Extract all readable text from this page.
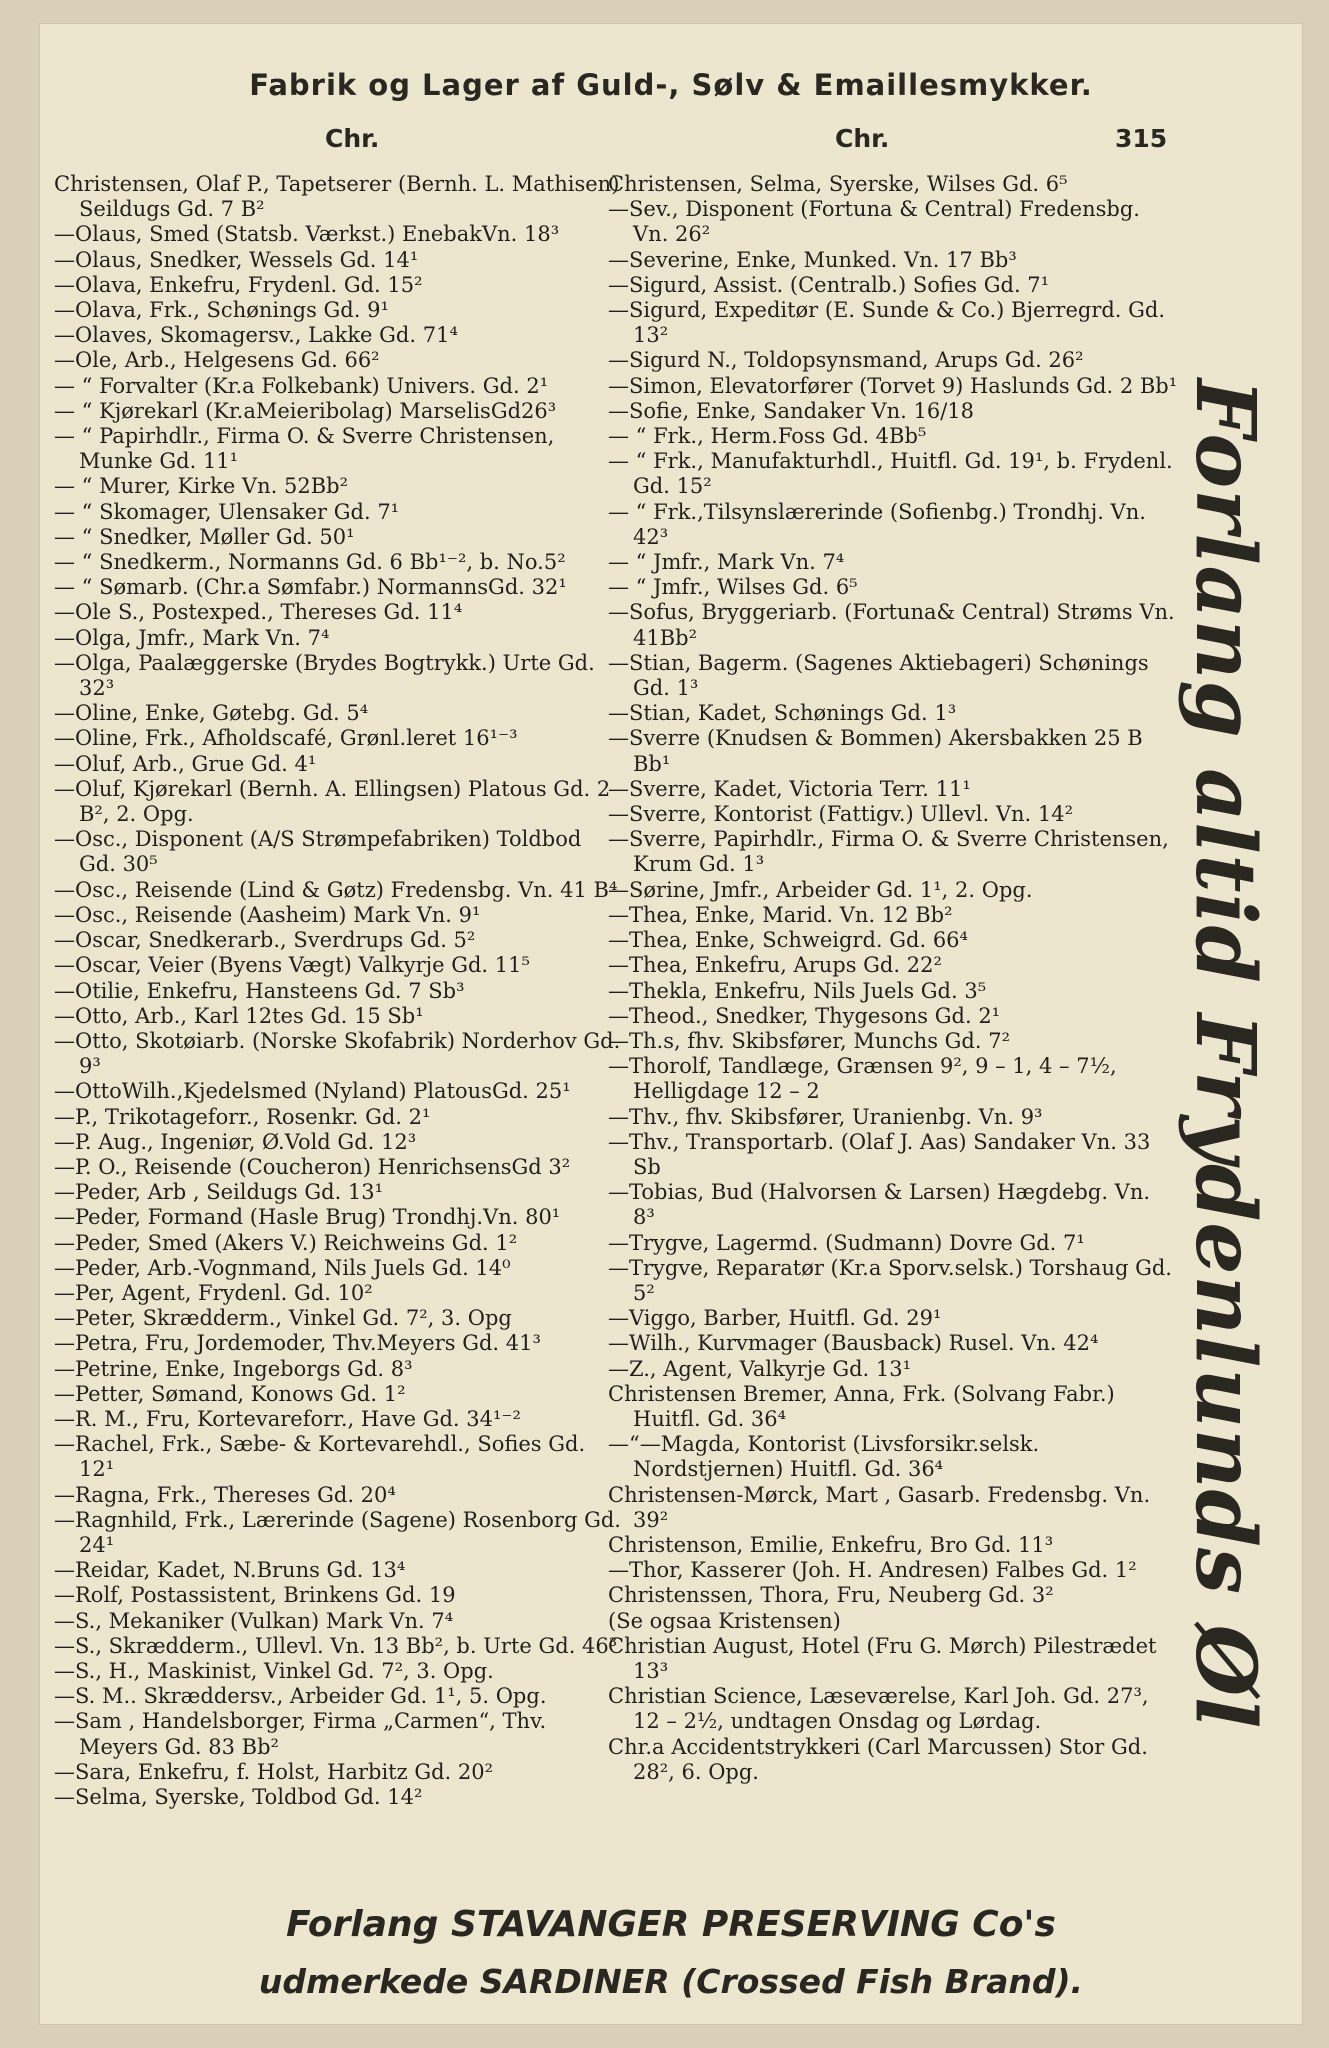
Fabrik og Lager af Guld-, Sølv & Emaillesmykker.
Chr.	Chr.	315
Christensen, Olaf P., Tapetserer (Bernh. L. Mathisen) Seildugs Gd. 7 B²
—Olaus, Smed (Statsb. Værkst.) EnebakVn. 18³
—Olaus, Snedker, Wessels Gd. 14¹
—Olava, Enkefru, Frydenl. Gd. 15²
—Olava, Frk., Schønings Gd. 9¹
—Olaves, Skomagersv., Lakke Gd. 71⁴
—Ole, Arb., Helgesens Gd. 66²
— “ Forvalter (Kr.a Folkebank) Univers. Gd. 2¹
— “ Kjørekarl (Kr.aMeieribolag) MarselisGd26³
— “ Papirhdlr., Firma O. & Sverre Christensen, Munke Gd. 11¹
— “ Murer, Kirke Vn. 52Bb²
— “ Skomager, Ulensaker Gd. 7¹
— “ Snedker, Møller Gd. 50¹
— “ Snedkerm., Normanns Gd. 6 Bb¹⁻², b. No.5²
— “ Sømarb. (Chr.a Sømfabr.) NormannsGd. 32¹
—Ole S., Postexped., Thereses Gd. 11⁴
—Olga, Jmfr., Mark Vn. 7⁴
—Olga, Paalæggerske (Brydes Bogtrykk.) Urte Gd. 32³
—Oline, Enke, Gøtebg. Gd. 5⁴
—Oline, Frk., Afholdscafé, Grønl.leret 16¹⁻³
—Oluf, Arb., Grue Gd. 4¹
—Oluf, Kjørekarl (Bernh. A. Ellingsen) Platous Gd. 2 B², 2. Opg.
—Osc., Disponent (A/S Strømpefabriken) Toldbod Gd. 30⁵
—Osc., Reisende (Lind & Gøtz) Fredensbg. Vn. 41 B⁴
—Osc., Reisende (Aasheim) Mark Vn. 9¹
—Oscar, Snedkerarb., Sverdrups Gd. 5²
—Oscar, Veier (Byens Vægt) Valkyrje Gd. 11⁵
—Otilie, Enkefru, Hansteens Gd. 7 Sb³
—Otto, Arb., Karl 12tes Gd. 15 Sb¹
—Otto, Skotøiarb. (Norske Skofabrik) Norderhov Gd. 9³
—OttoWilh.,Kjedelsmed (Nyland) PlatousGd. 25¹
—P., Trikotageforr., Rosenkr. Gd. 2¹
—P. Aug., Ingeniør, Ø.Vold Gd. 12³
—P. O., Reisende (Coucheron) HenrichsensGd 3²
—Peder, Arb , Seildugs Gd. 13¹
—Peder, Formand (Hasle Brug) Trondhj.Vn. 80¹
—Peder, Smed (Akers V.) Reichweins Gd. 1²
—Peder, Arb.-Vognmand, Nils Juels Gd. 14⁰
—Per, Agent, Frydenl. Gd. 10²
—Peter, Skrædderm., Vinkel Gd. 7², 3. Opg
—Petra, Fru, Jordemoder, Thv.Meyers Gd. 41³
—Petrine, Enke, Ingeborgs Gd. 8³
—Petter, Sømand, Konows Gd. 1²
—R. M., Fru, Kortevareforr., Have Gd. 34¹⁻²
—Rachel, Frk., Sæbe- & Kortevarehdl., Sofies Gd. 12¹
—Ragna, Frk., Thereses Gd. 20⁴
—Ragnhild, Frk., Lærerinde (Sagene) Rosenborg Gd. 24¹
—Reidar, Kadet, N.Bruns Gd. 13⁴
—Rolf, Postassistent, Brinkens Gd. 19
—S., Mekaniker (Vulkan) Mark Vn. 7⁴
—S., Skrædderm., Ullevl. Vn. 13 Bb², b. Urte Gd. 46³
—S., H., Maskinist, Vinkel Gd. 7², 3. Opg.
—S. M.. Skræddersv., Arbeider Gd. 1¹, 5. Opg.
—Sam , Handelsborger, Firma „Carmen“, Thv. Meyers Gd. 83 Bb²
—Sara, Enkefru, f. Holst, Harbitz Gd. 20²
—Selma, Syerske, Toldbod Gd. 14²
Christensen, Selma, Syerske, Wilses Gd. 6⁵
—Sev., Disponent (Fortuna & Central) Fredensbg. Vn. 26²
—Severine, Enke, Munked. Vn. 17 Bb³
—Sigurd, Assist. (Centralb.) Sofies Gd. 7¹
—Sigurd, Expeditør (E. Sunde & Co.) Bjerregrd. Gd. 13²
—Sigurd N., Toldopsynsmand, Arups Gd. 26²
—Simon, Elevatorfører (Torvet 9) Haslunds Gd. 2 Bb¹
—Sofie, Enke, Sandaker Vn. 16/18
— “ Frk., Herm.Foss Gd. 4Bb⁵
— “ Frk., Manufakturhdl., Huitfl. Gd. 19¹, b. Frydenl. Gd. 15²
— “ Frk.,Tilsynslærerinde (Sofienbg.) Trondhj. Vn. 42³
— “ Jmfr., Mark Vn. 7⁴
— “ Jmfr., Wilses Gd. 6⁵
—Sofus, Bryggeriarb. (Fortuna& Central) Strøms Vn. 41Bb²
—Stian, Bagerm. (Sagenes Aktiebageri) Schønings Gd. 1³
—Stian, Kadet, Schønings Gd. 1³
—Sverre (Knudsen & Bommen) Akersbakken 25 B Bb¹
—Sverre, Kadet, Victoria Terr. 11¹
—Sverre, Kontorist (Fattigv.) Ullevl. Vn. 14²
—Sverre, Papirhdlr., Firma O. & Sverre Christensen, Krum Gd. 1³
—Sørine, Jmfr., Arbeider Gd. 1¹, 2. Opg.
—Thea, Enke, Marid. Vn. 12 Bb²
—Thea, Enke, Schweigrd. Gd. 66⁴
—Thea, Enkefru, Arups Gd. 22²
—Thekla, Enkefru, Nils Juels Gd. 3⁵
—Theod., Snedker, Thygesons Gd. 2¹
—Th.s, fhv. Skibsfører, Munchs Gd. 7²
—Thorolf, Tandlæge, Grænsen 9², 9 – 1, 4 – 7½, Helligdage 12 – 2
—Thv., fhv. Skibsfører, Uranienbg. Vn. 9³
—Thv., Transportarb. (Olaf J. Aas) Sandaker Vn. 33 Sb
—Tobias, Bud (Halvorsen & Larsen) Hægdebg. Vn. 8³
—Trygve, Lagermd. (Sudmann) Dovre Gd. 7¹
—Trygve, Reparatør (Kr.a Sporv.selsk.) Torshaug Gd. 5²
—Viggo, Barber, Huitfl. Gd. 29¹
—Wilh., Kurvmager (Bausback) Rusel. Vn. 42⁴
—Z., Agent, Valkyrje Gd. 13¹
Christensen Bremer, Anna, Frk. (Solvang Fabr.) Huitfl. Gd. 36⁴
—“—Magda, Kontorist (Livsforsikr.selsk. Nordstjernen) Huitfl. Gd. 36⁴
Christensen-Mørck, Mart , Gasarb. Fredensbg. Vn. 39²
Christenson, Emilie, Enkefru, Bro Gd. 11³
—Thor, Kasserer (Joh. H. Andresen) Falbes Gd. 1²
Christenssen, Thora, Fru, Neuberg Gd. 3²
(Se ogsaa Kristensen)
Christian August, Hotel (Fru G. Mørch) Pilestrædet 13³
Christian Science, Læseværelse, Karl Joh. Gd. 27³, 12 – 2½, undtagen Onsdag og Lørdag.
Chr.a Accidentstrykkeri (Carl Marcussen) Stor Gd. 28², 6. Opg.
Forlang altid Frydenlunds Øl
Forlang STAVANGER PRESERVING Co's
udmerkede SARDINER (Crossed Fish Brand).
